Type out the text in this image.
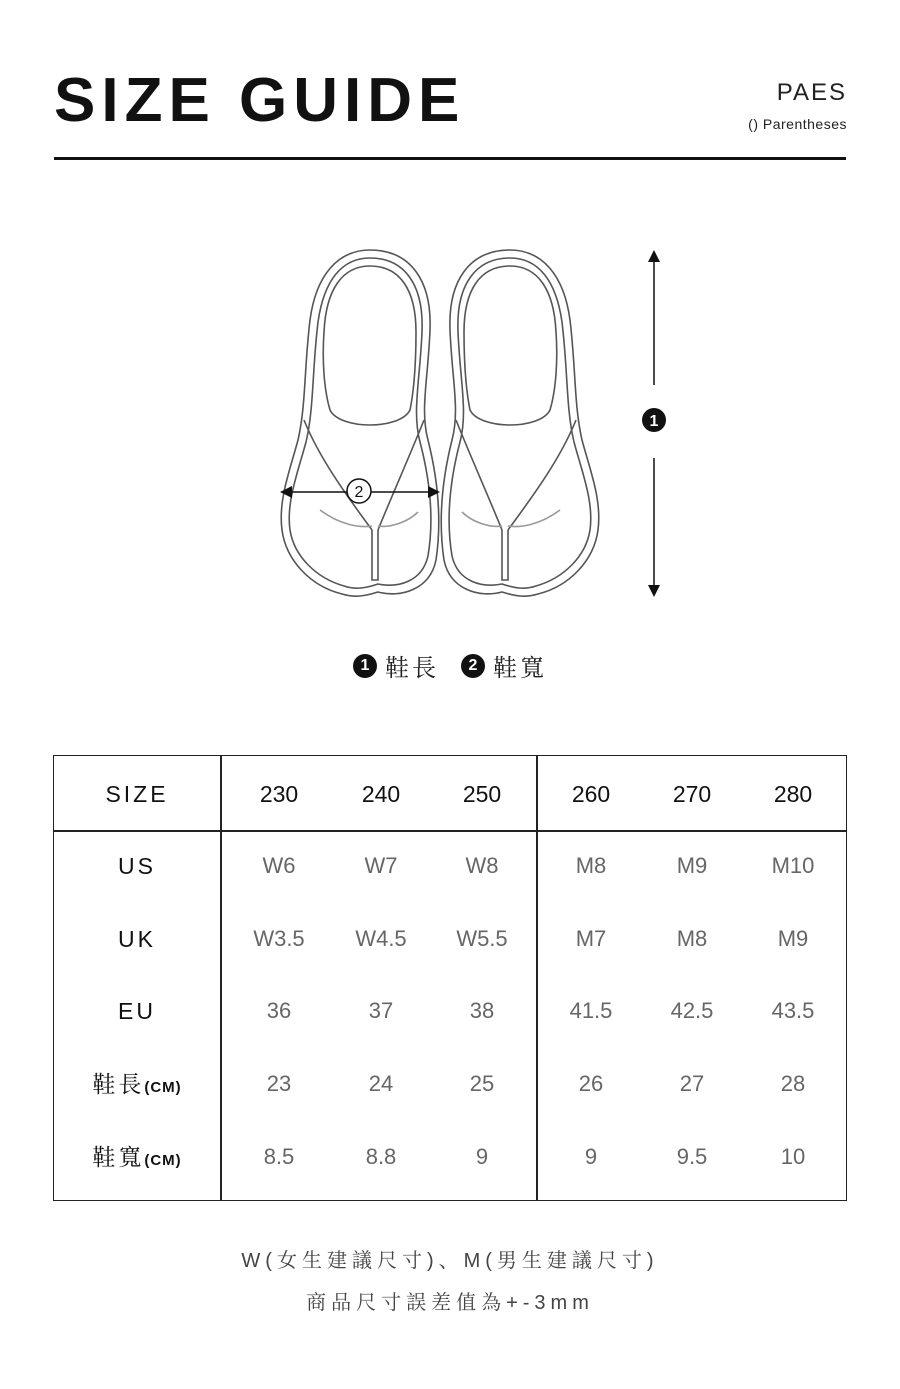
SIZE GUIDE	PAES
() Parentheses
2
1
1 鞋長	2 鞋寬
SIZE	230	240	250	260	270	280
US	W6	W7	W8	M8	M9	M10
UK	W3.5	W4.5	W5.5	M7	M8	M9
EU	36	37	38	41.5	42.5	43.5
鞋長(CM)	23	24	25	26	27	28
鞋寬(CM)	8.5	8.8	9	9	9.5	10
W(女生建議尺寸)、M(男生建議尺寸)
商品尺寸誤差值為+-3mm
